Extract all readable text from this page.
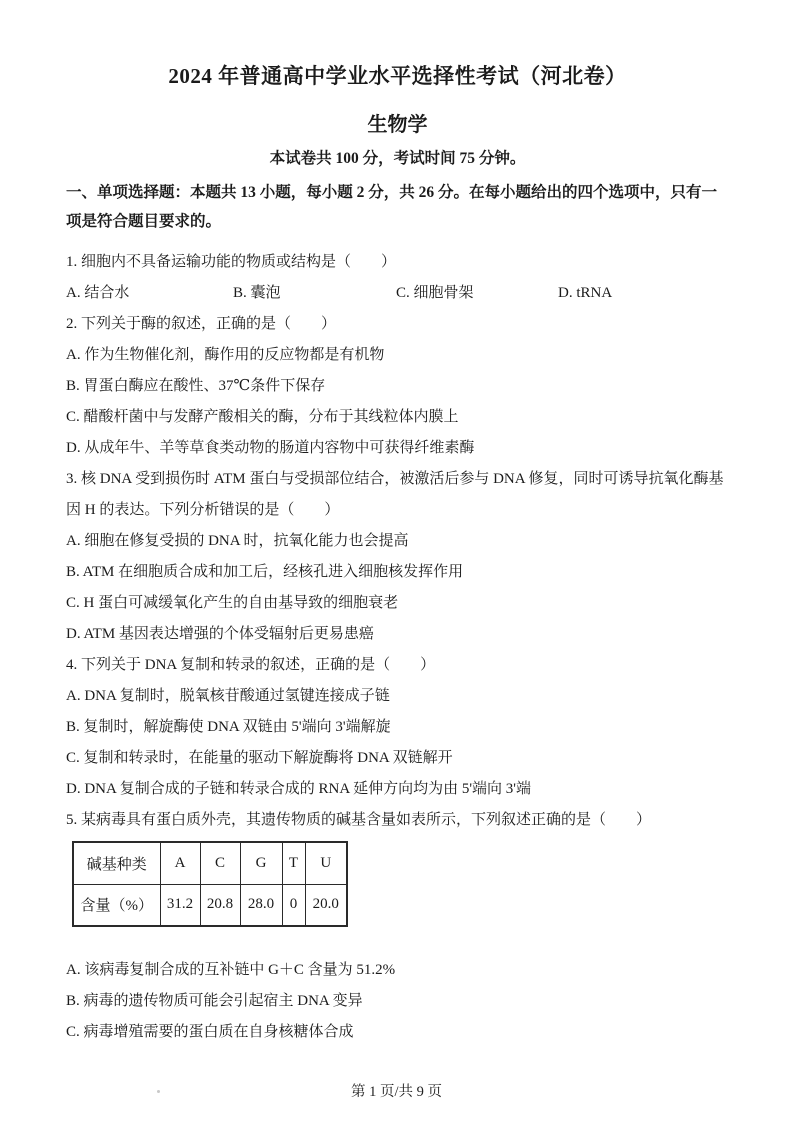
2024 年普通高中学业水平选择性考试（河北卷）
生物学

本试卷共 100 分，考试时间 75 分钟。

一、单项选择题：本题共 13 小题，每小题 2 分，共 26 分。在每小题给出的四个选项中，只有一项是符合题目要求的。

1. 细胞内不具备运输功能的物质或结构是（　　）

A. 结合水	B. 囊泡	C. 细胞骨架	D. tRNA

2. 下列关于酶的叙述，正确的是（　　）

A. 作为生物催化剂，酶作用的反应物都是有机物

B. 胃蛋白酶应在酸性、37℃条件下保存

C. 醋酸杆菌中与发酵产酸相关的酶，分布于其线粒体内膜上

D. 从成年牛、羊等草食类动物的肠道内容物中可获得纤维素酶

3. 核 DNA 受到损伤时 ATM 蛋白与受损部位结合，被激活后参与 DNA 修复，同时可诱导抗氧化酶基因 H 的表达。下列分析错误的是（　　）

A. 细胞在修复受损的 DNA 时，抗氧化能力也会提高

B. ATM 在细胞质合成和加工后，经核孔进入细胞核发挥作用

C. H 蛋白可减缓氧化产生的自由基导致的细胞衰老

D. ATM 基因表达增强的个体受辐射后更易患癌

4. 下列关于 DNA 复制和转录的叙述，正确的是（　　）

A. DNA 复制时，脱氧核苷酸通过氢键连接成子链

B. 复制时，解旋酶使 DNA 双链由 5'端向 3'端解旋

C. 复制和转录时，在能量的驱动下解旋酶将 DNA 双链解开

D. DNA 复制合成的子链和转录合成的 RNA 延伸方向均为由 5'端向 3'端

5. 某病毒具有蛋白质外壳，其遗传物质的碱基含量如表所示，下列叙述正确的是（　　）

碱基种类	A	C	G	T	U
含量（%）	31.2	20.8	28.0	0	20.0

A. 该病毒复制合成的互补链中 G＋C 含量为 51.2%

B. 病毒的遗传物质可能会引起宿主 DNA 变异

C. 病毒增殖需要的蛋白质在自身核糖体合成

第 1 页/共 9 页
